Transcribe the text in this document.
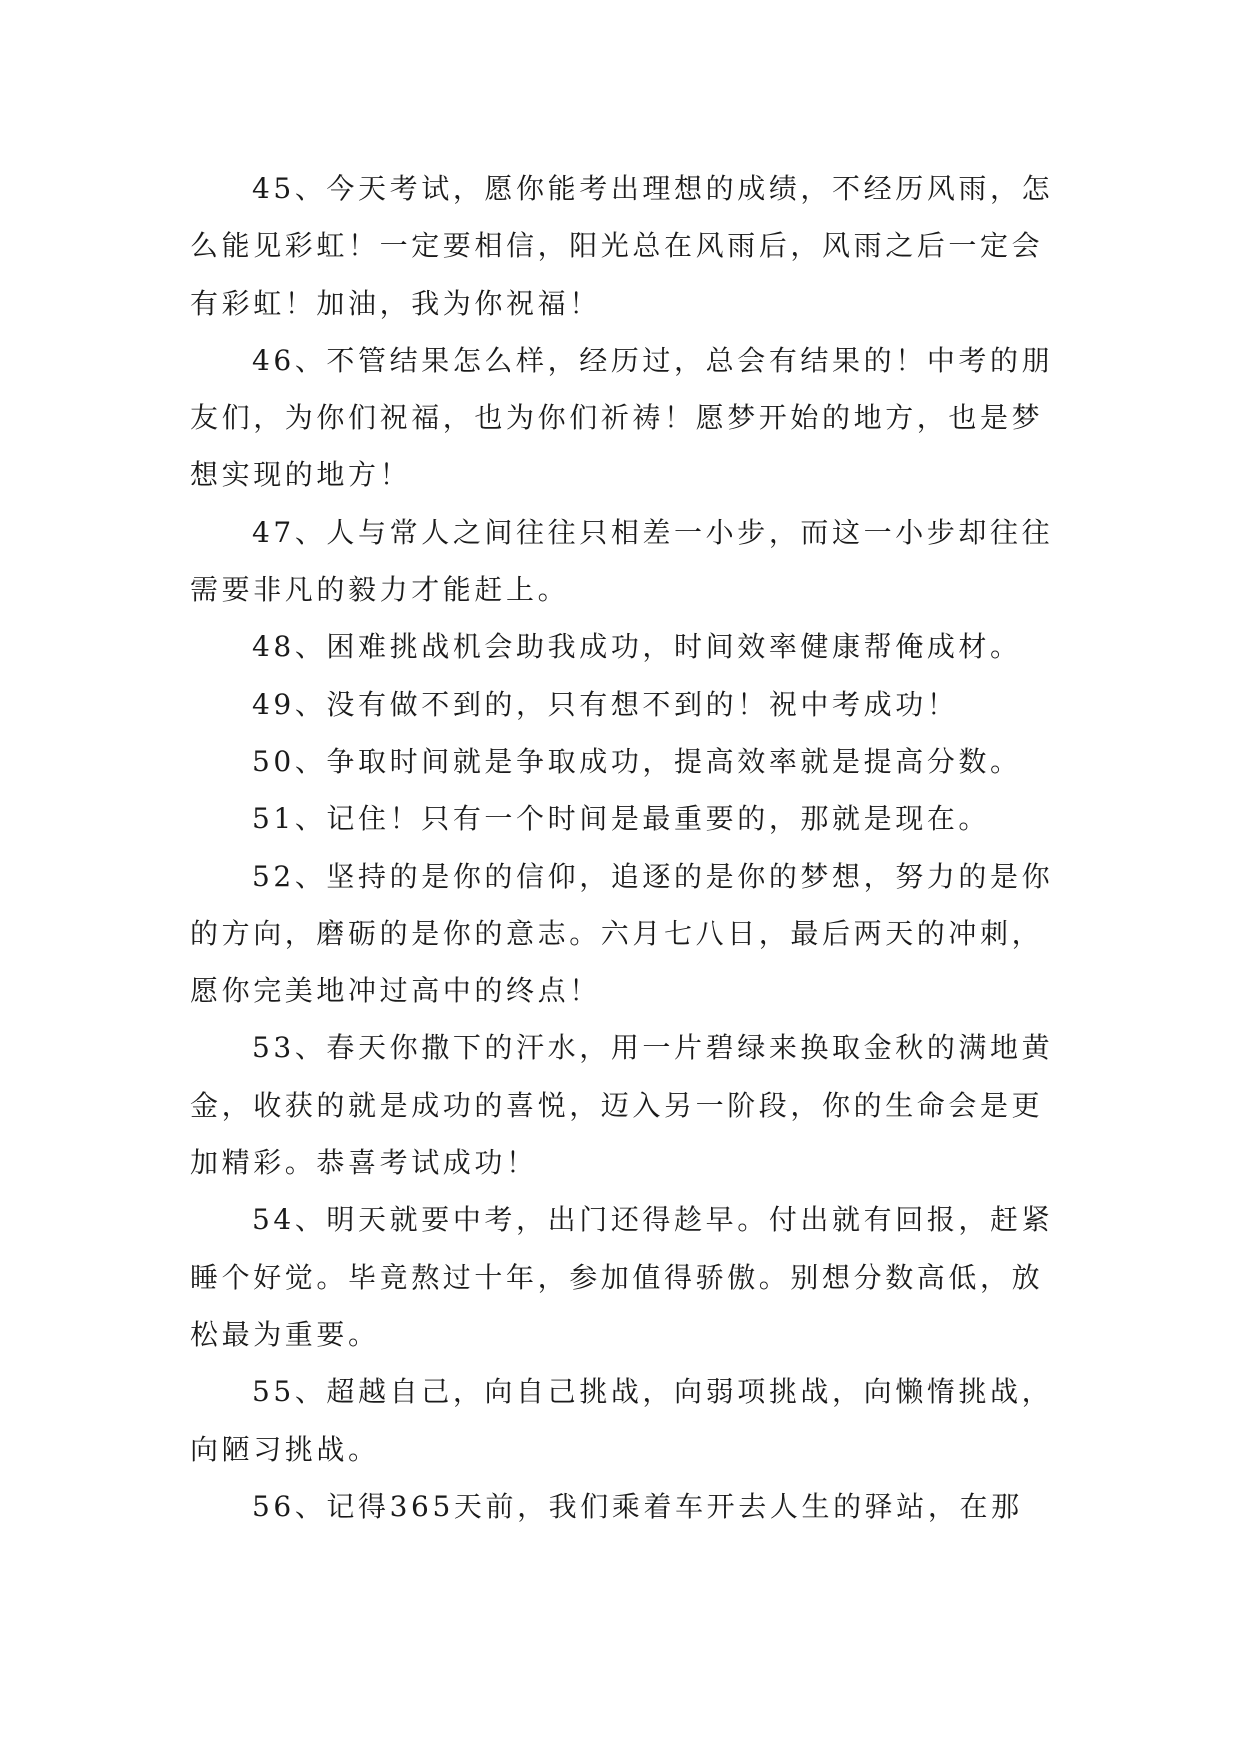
45、今天考试，愿你能考出理想的成绩，不经历风雨，怎么能见彩虹！一定要相信，阳光总在风雨后，风雨之后一定会有彩虹！加油，我为你祝福！

46、不管结果怎么样，经历过，总会有结果的！中考的朋友们，为你们祝福，也为你们祈祷！愿梦开始的地方，也是梦想实现的地方！

47、人与常人之间往往只相差一小步，而这一小步却往往需要非凡的毅力才能赶上。

48、困难挑战机会助我成功，时间效率健康帮俺成材。

49、没有做不到的，只有想不到的！祝中考成功！

50、争取时间就是争取成功，提高效率就是提高分数。

51、记住！只有一个时间是最重要的，那就是现在。

52、坚持的是你的信仰，追逐的是你的梦想，努力的是你的方向，磨砺的是你的意志。六月七八日，最后两天的冲刺，愿你完美地冲过高中的终点！

53、春天你撒下的汗水，用一片碧绿来换取金秋的满地黄金，收获的就是成功的喜悦，迈入另一阶段，你的生命会是更加精彩。恭喜考试成功！

54、明天就要中考，出门还得趁早。付出就有回报，赶紧睡个好觉。毕竟熬过十年，参加值得骄傲。别想分数高低，放松最为重要。

55、超越自己，向自己挑战，向弱项挑战，向懒惰挑战，向陋习挑战。

56、记得365天前，我们乘着车开去人生的驿站，在那
